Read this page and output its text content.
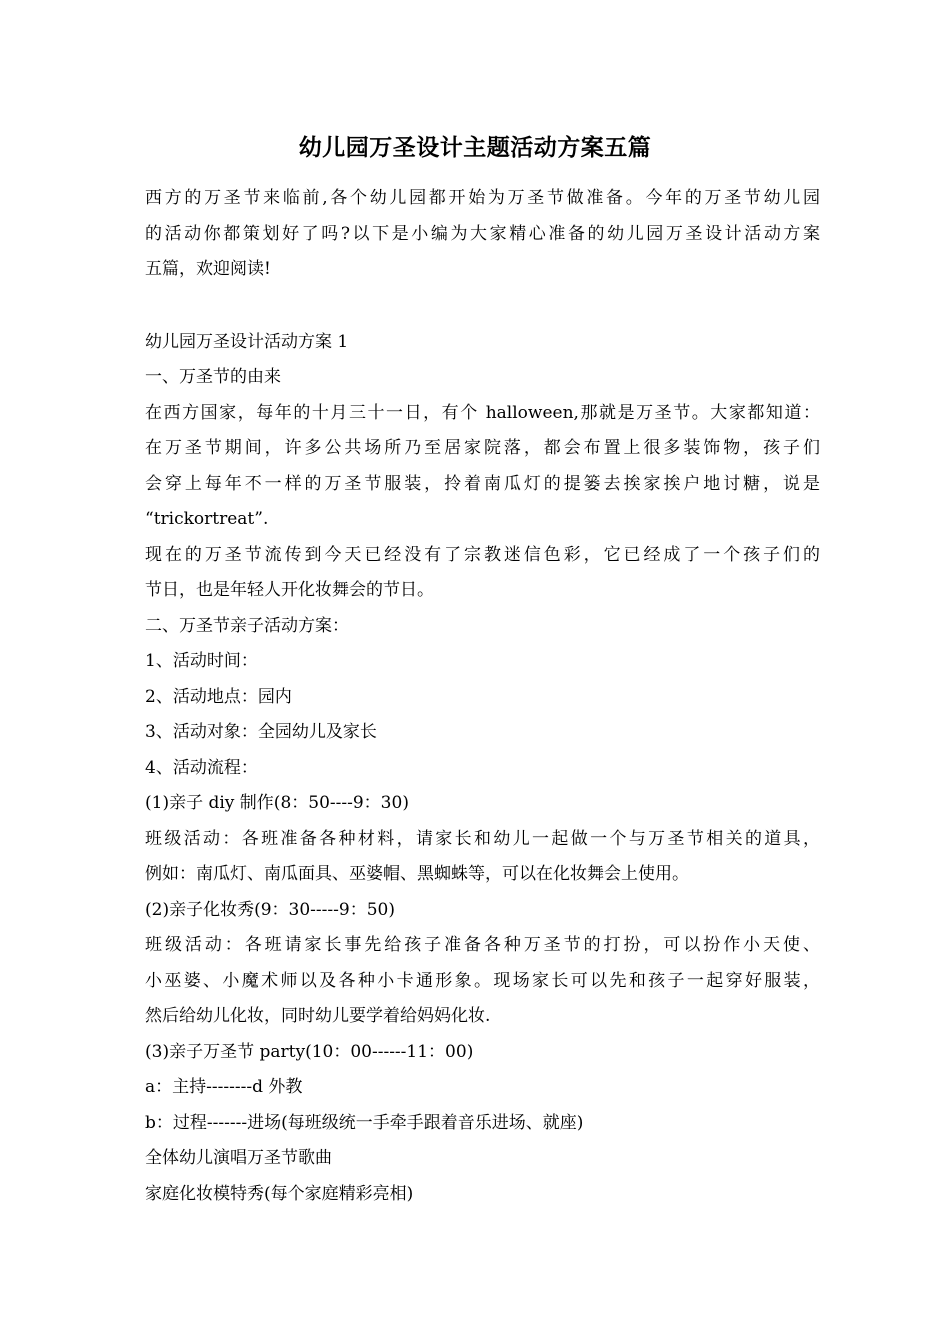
幼儿园万圣设计主题活动方案五篇
西方的万圣节来临前,各个幼儿园都开始为万圣节做准备。今年的万圣节幼儿园
的活动你都策划好了吗?以下是小编为大家精心准备的幼儿园万圣设计活动方案
五篇，欢迎阅读!
幼儿园万圣设计活动方案 1
一、万圣节的由来
在西方国家，每年的十月三十一日，有个 halloween,那就是万圣节。大家都知道：
在万圣节期间，许多公共场所乃至居家院落，都会布置上很多装饰物，孩子们
会穿上每年不一样的万圣节服装，拎着南瓜灯的提篓去挨家挨户地讨糖，说是
“trickortreat”.
现在的万圣节流传到今天已经没有了宗教迷信色彩，它已经成了一个孩子们的
节日，也是年轻人开化妆舞会的节日。
二、万圣节亲子活动方案：
1、活动时间：
2、活动地点：园内
3、活动对象：全园幼儿及家长
4、活动流程：
(1)亲子 diy 制作(8：50----9：30)
班级活动：各班准备各种材料，请家长和幼儿一起做一个与万圣节相关的道具，
例如：南瓜灯、南瓜面具、巫婆帽、黑蜘蛛等，可以在化妆舞会上使用。
(2)亲子化妆秀(9：30-----9：50)
班级活动：各班请家长事先给孩子准备各种万圣节的打扮，可以扮作小天使、
小巫婆、小魔术师以及各种小卡通形象。现场家长可以先和孩子一起穿好服装，
然后给幼儿化妆，同时幼儿要学着给妈妈化妆.
(3)亲子万圣节 party(10：00------11：00)
a：主持--------d 外教
b：过程-------进场(每班级统一手牵手跟着音乐进场、就座)
全体幼儿演唱万圣节歌曲
家庭化妆模特秀(每个家庭精彩亮相)
